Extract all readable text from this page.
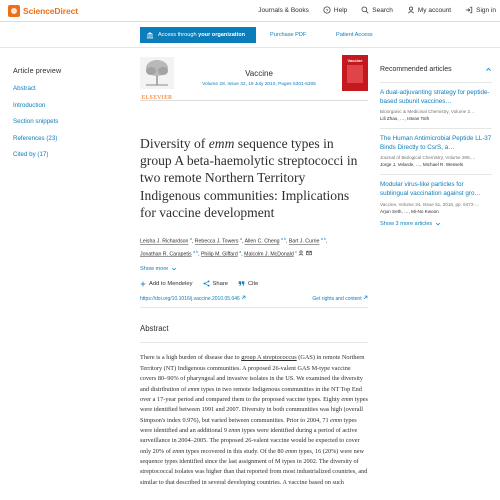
ScienceDirect	Journals & Books	? Help	Search	My account	Sign in
Access through your organization	Purchase PDF	Patient Access
Article preview
Abstract
Introduction
Section snippets
References (23)
Cited by (17)
ELSEVIER
Vaccine
Volume 28, Issue 32, 19 July 2010, Pages 5301-5305
Vaccine
Diversity of emm sequence types in group A beta-haemolytic streptococci in two remote Northern Territory Indigenous communities: Implications for vaccine development
Leisha J. Richardson $^a$, Rebecca J. Towers $^a$, Allen C. Cheng $^{a b}$, Bart J. Currie $^{a b}$,
Jonathan R. Carapetis $^{a b}$, Philip M. Giffard $^a$, Malcolm J. McDonald $^c$
Show more
Add to Mendeley	Share	Cite
https://doi.org/10.1016/j.vaccine.2010.05.046	Get rights and content
Abstract

There is a high burden of disease due to group A streptococcus (GAS) in remote Northern Territory (NT) Indigenous communities. A proposed 26-valent GAS M-type vaccine covers 80–90% of pharyngeal and invasive isolates in the US. We examined the diversity and distribution of emm types in two remote Indigenous communities in the NT Top End over a 17-year period and compared them to the proposed vaccine types. Eighty emm types were identified between 1991 and 2007. Diversity in both communities was high (overall Simpson's index 0.976), but varied between communities. Prior to 2004, 71 emm types were identified and an additional 9 emm types were identified during a period of active surveillance in 2004–2005. The proposed 26-valent vaccine would be expected to cover only 20% of emm types recovered in this study. Of the 80 emm types, 16 (20%) were new sequence types identified since the last assignment of M types in 2002. The diversity of streptococcal isolates was higher than that reported from most industrialized countries, and similar to that described in several developing countries. A vaccine based on such

Recommended articles
A dual-adjuvanting strategy for peptide-based subunit vaccines…
Bioorganic & Medicinal Chemistry, Volume 2…
Lili Zhao, …, Istvan Toth
The Human Antimicrobial Peptide LL-37 Binds Directly to CsrS, a…
Journal of Biological Chemistry, Volume 289,…
Jorge J. Velarde, …, Michael R. Wessels
Modular virus-like particles for sublingual vaccination against gro…
Vaccine, Volume 34, Issue 51, 2016, pp. 6472-…
Arjun Seth, …, Mi-No Kwoon
Show 3 more articles
